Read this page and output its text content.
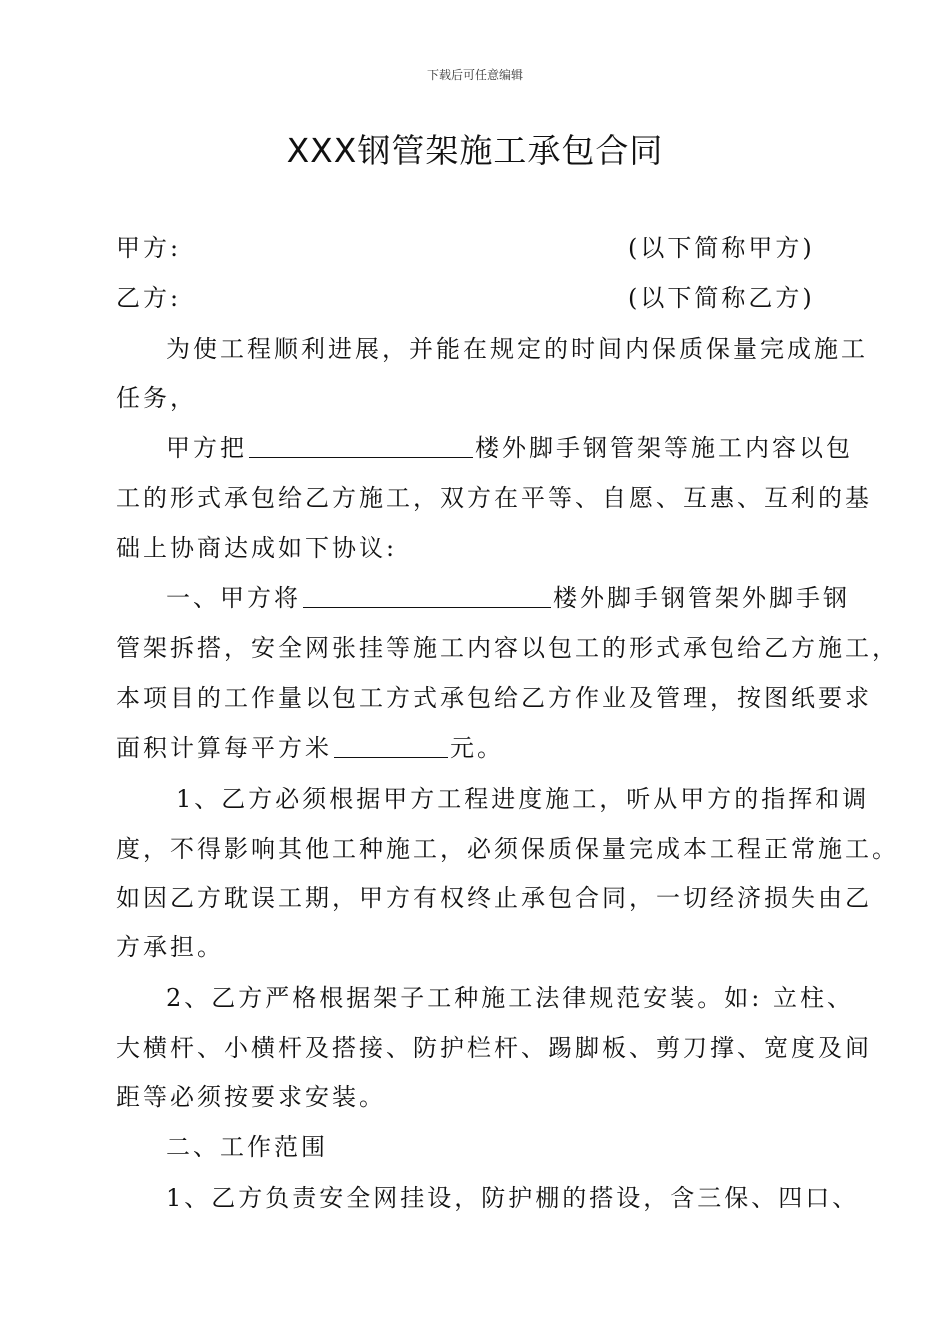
下载后可任意编辑
XXX钢管架施工承包合同
甲方:	(以下简称甲方)
乙方:	(以下简称乙方)
为使工程顺利进展，并能在规定的时间内保质保量完成施工
任务，
甲方把	楼外脚手钢管架等施工内容以包
工的形式承包给乙方施工，双方在平等、自愿、互惠、互利的基
础上协商达成如下协议:
一、甲方将	楼外脚手钢管架外脚手钢
管架拆搭，安全网张挂等施工内容以包工的形式承包给乙方施工，
本项目的工作量以包工方式承包给乙方作业及管理，按图纸要求
面积计算每平方米	元。
1、乙方必须根据甲方工程进度施工，听从甲方的指挥和调
度，不得影响其他工种施工，必须保质保量完成本工程正常施工。
如因乙方耽误工期，甲方有权终止承包合同，一切经济损失由乙
方承担。
2、乙方严格根据架子工种施工法律规范安装。如: 立柱、
大横杆、小横杆及搭接、防护栏杆、踢脚板、剪刀撑、宽度及间
距等必须按要求安装。
二、工作范围
1、乙方负责安全网挂设，防护棚的搭设，含三保、四口、
